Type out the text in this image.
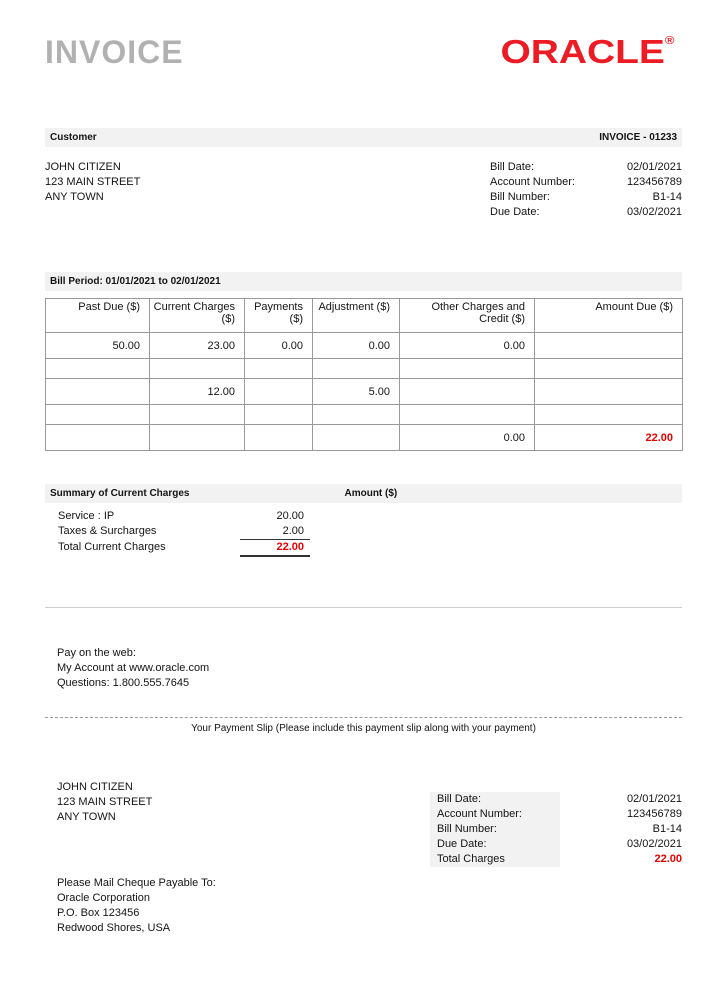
INVOICE	ORACLE®
Customer	INVOICE - 01233
JOHN CITIZEN
123 MAIN STREET
ANY TOWN
Bill Date:	02/01/2021
Account Number:	123456789
Bill Number:	B1-14
Due Date:	03/02/2021
Bill Period: 01/01/2021 to 02/01/2021
Past Due ($)	Current Charges ($)	Payments ($)	Adjustment ($)	Other Charges and Credit ($)	Amount Due ($)
50.00	23.00	0.00	0.00	0.00	

	12.00		5.00		

				0.00	22.00
Summary of Current Charges	Amount ($)
Service : IP	20.00
Taxes & Surcharges	2.00
Total Current Charges	22.00
Pay on the web:
My Account at www.oracle.com
Questions: 1.800.555.7645
Your Payment Slip (Please include this payment slip along with your payment)
JOHN CITIZEN
123 MAIN STREET
ANY TOWN
Bill Date:	02/01/2021
Account Number:	123456789
Bill Number:	B1-14
Due Date:	03/02/2021
Total Charges	22.00
Please Mail Cheque Payable To:
Oracle Corporation
P.O. Box 123456
Redwood Shores, USA
